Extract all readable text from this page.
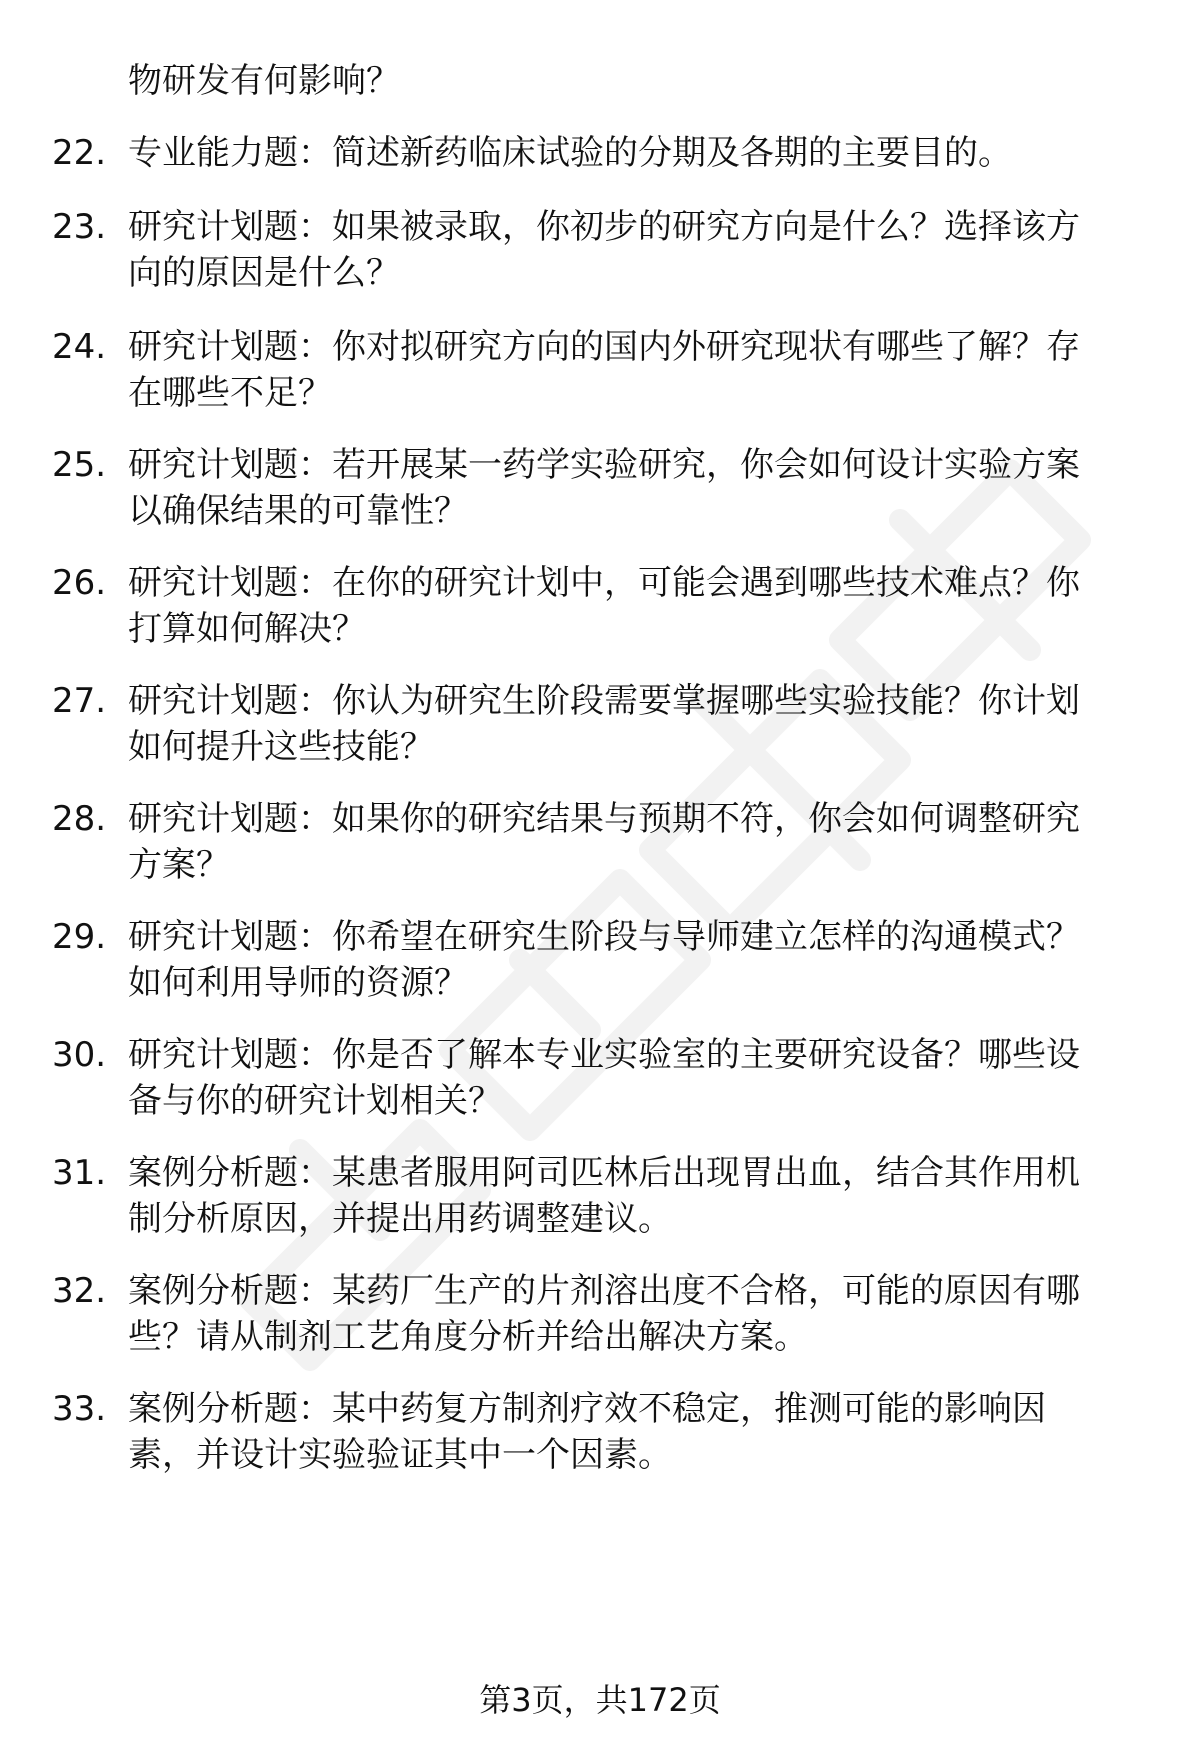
物研发有何影响？
22. 专业能力题：简述新药临床试验的分期及各期的主要目的。
23. 研究计划题：如果被录取，你初步的研究方向是什么？选择该方
向的原因是什么？
24. 研究计划题：你对拟研究方向的国内外研究现状有哪些了解？存
在哪些不足？
25. 研究计划题：若开展某一药学实验研究，你会如何设计实验方案
以确保结果的可靠性？
26. 研究计划题：在你的研究计划中，可能会遇到哪些技术难点？你
打算如何解决？
27. 研究计划题：你认为研究生阶段需要掌握哪些实验技能？你计划
如何提升这些技能？
28. 研究计划题：如果你的研究结果与预期不符，你会如何调整研究
方案？
29. 研究计划题：你希望在研究生阶段与导师建立怎样的沟通模式？
如何利用导师的资源？
30. 研究计划题：你是否了解本专业实验室的主要研究设备？哪些设
备与你的研究计划相关？
31. 案例分析题：某患者服用阿司匹林后出现胃出血，结合其作用机
制分析原因，并提出用药调整建议。
32. 案例分析题：某药厂生产的片剂溶出度不合格，可能的原因有哪
些？请从制剂工艺角度分析并给出解决方案。
33. 案例分析题：某中药复方制剂疗效不稳定，推测可能的影响因
素，并设计实验验证其中一个因素。
第3页，共172页
